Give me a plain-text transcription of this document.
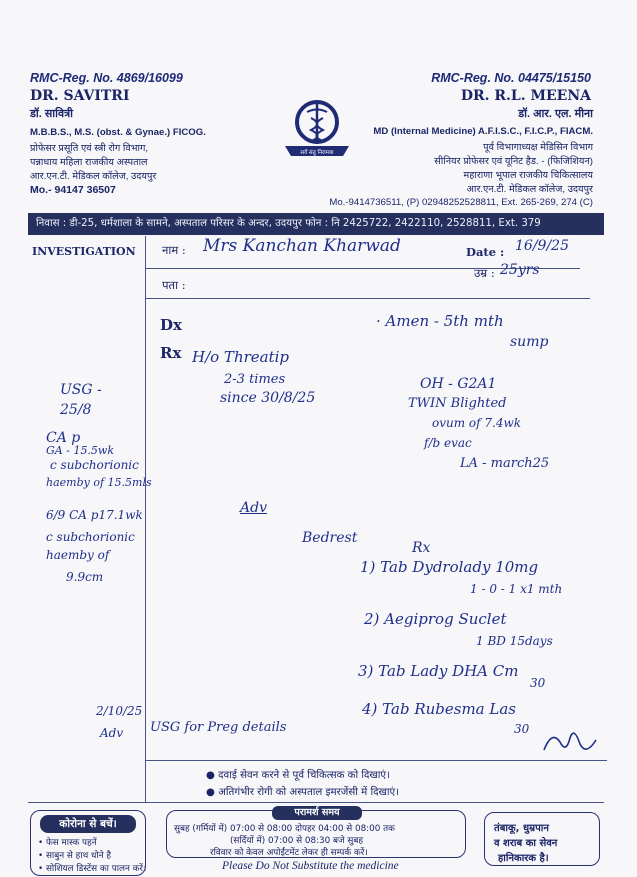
RMC-Reg. No. 4869/16099
DR. SAVITRI
डॉ. सावित्री
M.B.B.S., M.S. (obst. & Gynae.) FICOG.
प्रोफेसर प्रसूति एवं स्त्री रोग विभाग,
पन्नाधाय महिला राजकीय अस्पताल
आर.एन.टी. मेडिकल कॉलेज, उदयपुर
Mo.- 94147 36507
सर्वे संतु निरामया
RMC-Reg. No. 04475/15150
DR. R.L. MEENA
डॉ. आर. एल. मीना
MD (Internal Medicine) A.F.I.S.C., F.I.C.P., FIACM.
पूर्व विभागाध्यक्ष मेडिसिन विभाग
सीनियर प्रोफेसर एवं यूनिट हैड. - (फिजिशियन)
महाराणा भूपाल राजकीय चिकित्सालय
आर.एन.टी. मेडिकल कॉलेज, उदयपुर
Mo.-9414736511, (P) 02948252528811, Ext. 265-269, 274 (C)
निवास : डी-25, धर्मशाला के सामने, अस्पताल परिसर के अन्दर, उदयपुर फोन : नि 2425722, 2422110, 2528811, Ext. 379
INVESTIGATION नाम :	Date :
उम्र :
पता :
Dx
Rx
Mrs Kanchan Kharwad	16/9/25
25yrs
· Amen - 5th mth
sump
H/o Threatip
2-3 times
since 30/8/25
OH - G2A1
TWIN Blighted
ovum of 7.4wk
f/b evac
LA - march25
USG -
25/8
CA p
GA - 15.5wk
c subchorionic
haemby of 15.5mls
6/9 CA p17.1wk
c subchorionic
haemby of
9.9cm
Adv
Bedrest
Rx
1) Tab Dydrolady 10mg
1 - 0 - 1 x1 mth
2) Aegiprog Suclet
1 BD 15days
3) Tab Lady DHA Cm
30
4) Tab Rubesma Las
30
2/10/25
Adv USG for Preg details
● दवाई सेवन करने से पूर्व चिकित्सक को दिखाएं।
● अतिगंभीर रोगी को अस्पताल इमरजेंसी में दिखाएं।
कोरोना से बचें।
• फेस मास्क पहनें
• साबुन से हाथ धोने है
• सोशियल डिस्टेंस का पालन करें।
परामर्श समय
सुबह (गर्मियों में) 07:00 से 08:00 दोपहर 04:00 से 08:00 तक
(सर्दियों में) 07:00 से 08:30 बजे सुबह
रविवार को केवल अपोईंटमेंट लेकर ही सम्पर्क करें।
तंबाकू, धुम्रपान
व शराब का सेवन
हानिकारक है।
Please Do Not Substitute the medicine
